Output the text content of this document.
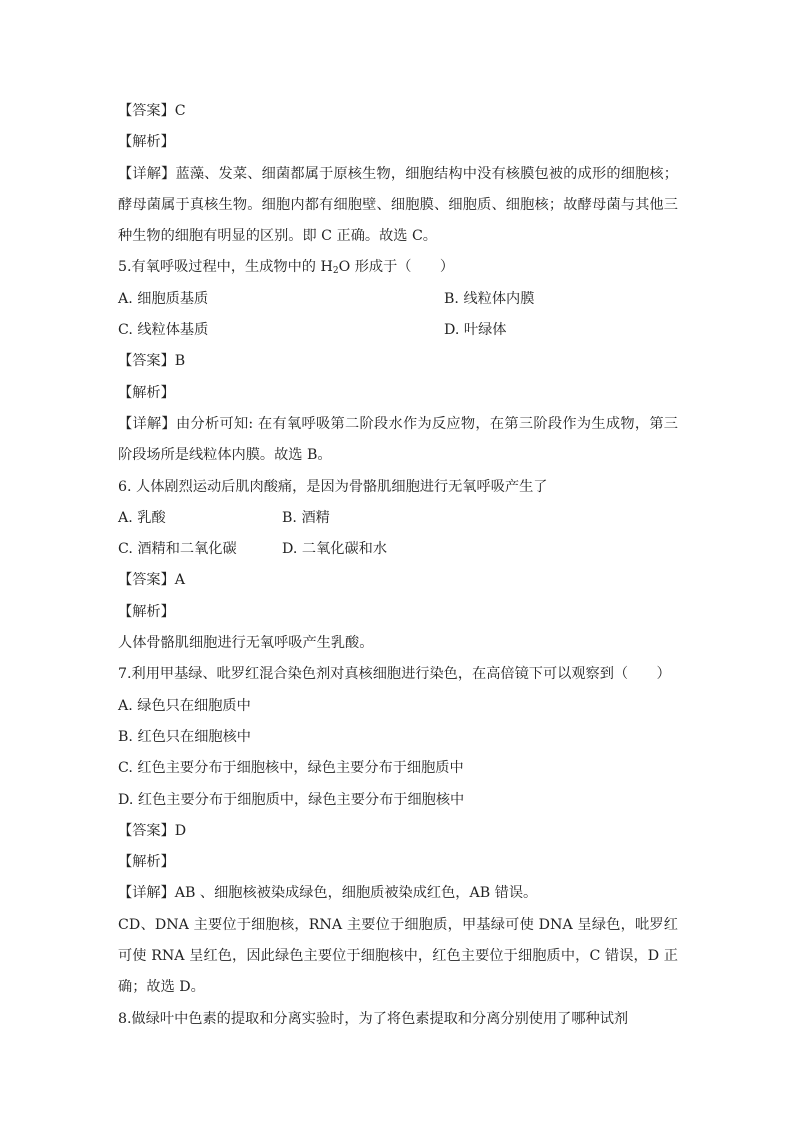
【答案】C
【解析】
【详解】蓝藻、发菜、细菌都属于原核生物，细胞结构中没有核膜包被的成形的细胞核；酵母菌属于真核生物。细胞内都有细胞壁、细胞膜、细胞质、细胞核；故酵母菌与其他三种生物的细胞有明显的区别。即 C 正确。故选 C。
5.有氧呼吸过程中，生成物中的 $H_2O$ 形成于（　　）
A. 细胞质基质	B. 线粒体内膜
C. 线粒体基质	D. 叶绿体
【答案】B
【解析】
【详解】由分析可知: 在有氧呼吸第二阶段水作为反应物，在第三阶段作为生成物，第三阶段场所是线粒体内膜。故选 B。
6. 人体剧烈运动后肌肉酸痛，是因为骨骼肌细胞进行无氧呼吸产生了
A. 乳酸	B. 酒精
C. 酒精和二氧化碳	D. 二氧化碳和水
【答案】A
【解析】
人体骨骼肌细胞进行无氧呼吸产生乳酸。
7.利用甲基绿、吡罗红混合染色剂对真核细胞进行染色，在高倍镜下可以观察到（　　）
A. 绿色只在细胞质中
B. 红色只在细胞核中
C. 红色主要分布于细胞核中，绿色主要分布于细胞质中
D. 红色主要分布于细胞质中，绿色主要分布于细胞核中
【答案】D
【解析】
【详解】AB 、细胞核被染成绿色，细胞质被染成红色，AB 错误。
CD、DNA 主要位于细胞核，RNA 主要位于细胞质，甲基绿可使 DNA 呈绿色，吡罗红可使 RNA 呈红色，因此绿色主要位于细胞核中，红色主要位于细胞质中，C 错误，D 正确；故选 D。
8.做绿叶中色素的提取和分离实验时，为了将色素提取和分离分别使用了哪种试剂
